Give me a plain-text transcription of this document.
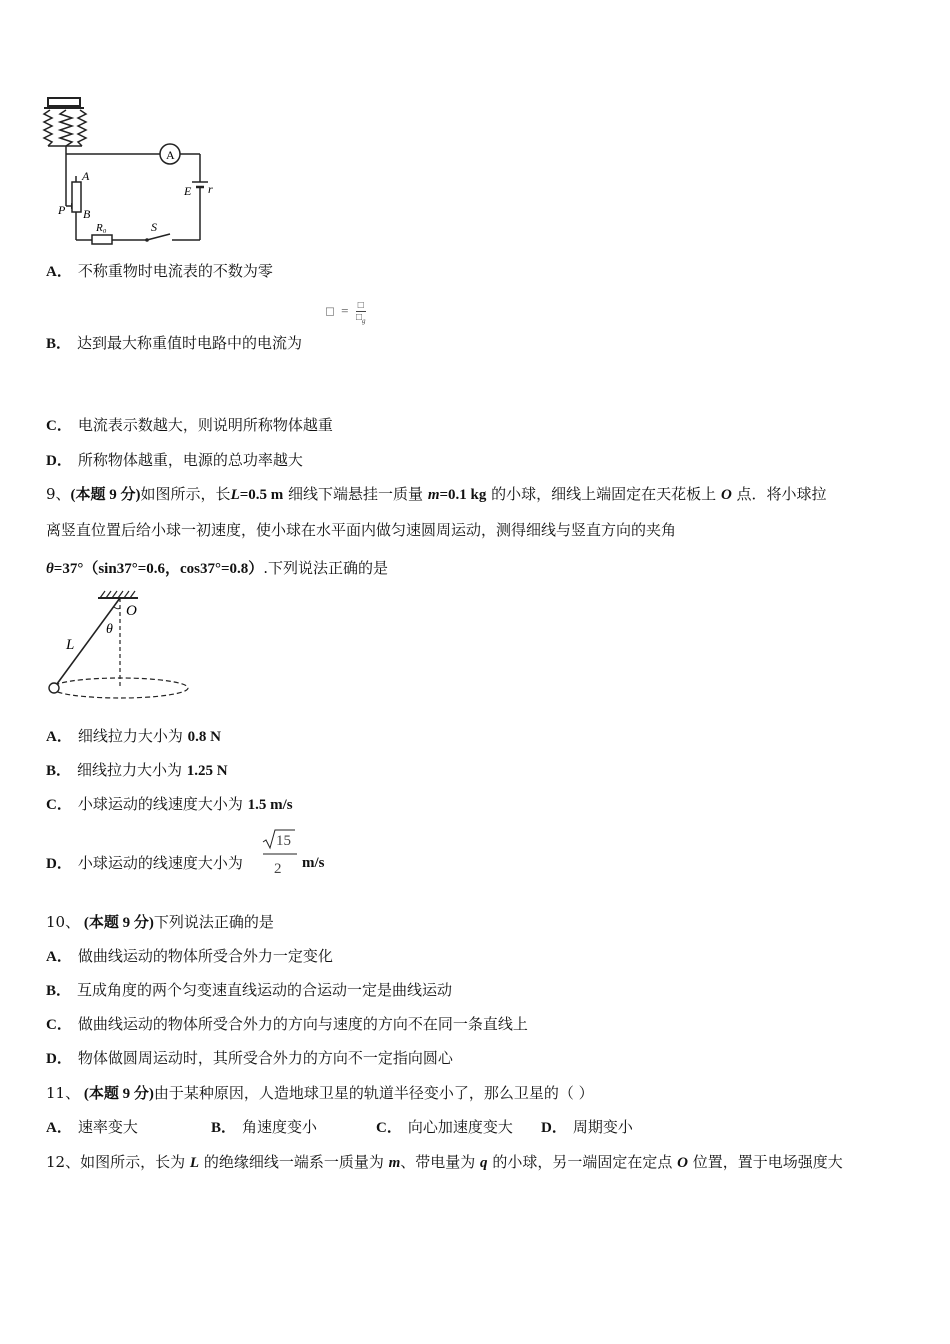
A
E r
A
P B
R₀	S
A． 不称重物时电流表的不数为零
□ = □
$□_g$
B． 达到最大称重值时电路中的电流为
C． 电流表示数越大，则说明所称物体越重
D． 所称物体越重，电源的总功率越大
9、(本题 9 分)如图所示，长L=0.5 m 细线下端悬挂一质量 m=0.1 kg 的小球，细线上端固定在天花板上 O 点．将小球拉
离竖直位置后给小球一初速度，使小球在水平面内做匀速圆周运动，测得细线与竖直方向的夹角
θ=37°（sin37°=0.6，cos37°=0.8）.下列说法正确的是
O
θ
L
A． 细线拉力大小为 0.8 N
B． 细线拉力大小为 1.25 N
C． 小球运动的线速度大小为 1.5 m/s
D． 小球运动的线速度大小为
15
2 m/s
10、 (本题 9 分)下列说法正确的是
A． 做曲线运动的物体所受合外力一定变化
B． 互成角度的两个匀变速直线运动的合运动一定是曲线运动
C． 做曲线运动的物体所受合外力的方向与速度的方向不在同一条直线上
D． 物体做圆周运动时，其所受合外力的方向不一定指向圆心
11、 (本题 9 分)由于某种原因，人造地球卫星的轨道半径变小了，那么卫星的（ ）
A． 速率变大	B． 角速度变小	C． 向心加速度变大 D． 周期变小
12、如图所示，长为 L 的绝缘细线一端系一质量为 m、带电量为 q 的小球，另一端固定在定点 O 位置，置于电场强度大
